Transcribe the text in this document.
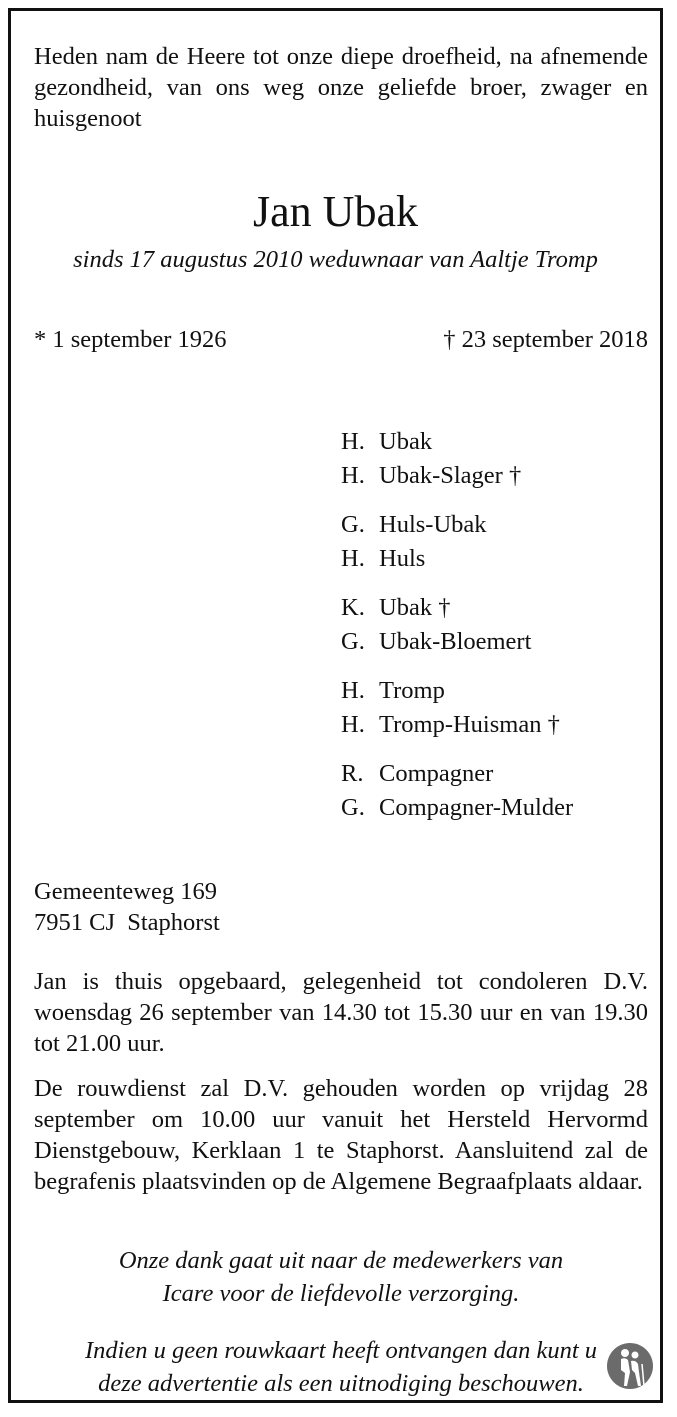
Heden nam de Heere tot onze diepe droefheid, na afnemende gezondheid, van ons weg onze geliefde broer, zwager en huisgenoot
Jan Ubak
sinds 17 augustus 2010 weduwnaar van Aaltje Tromp
* 1 september 1926	† 23 september 2018
H. Ubak
H. Ubak-Slager †
G. Huls-Ubak
H. Huls
K. Ubak †
G. Ubak-Bloemert
H. Tromp
H. Tromp-Huisman †
R. Compagner
G. Compagner-Mulder
Gemeenteweg 169
7951 CJ  Staphorst
Jan is thuis opgebaard, gelegenheid tot condoleren D.V. woensdag 26 september van 14.30 tot 15.30 uur en van 19.30 tot 21.00 uur.
De rouwdienst zal D.V. gehouden worden op vrijdag 28 september om 10.00 uur vanuit het Hersteld Hervormd Dienstgebouw, Kerklaan 1 te Staphorst. Aansluitend zal de begrafenis plaatsvinden op de Algemene Begraafplaats aldaar.
Onze dank gaat uit naar de medewerkers van
Icare voor de liefdevolle verzorging.
Indien u geen rouwkaart heeft ontvangen dan kunt u
deze advertentie als een uitnodiging beschouwen.
